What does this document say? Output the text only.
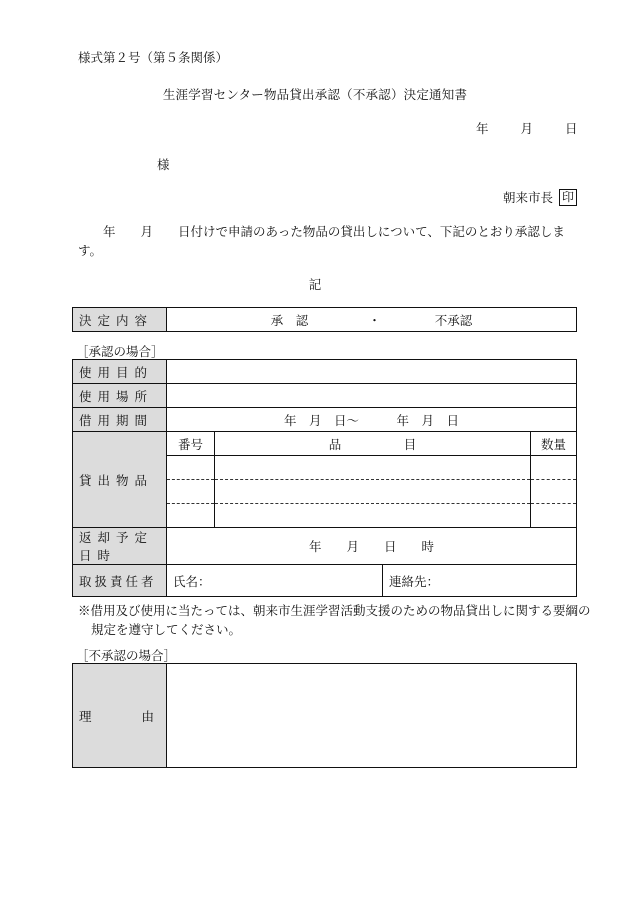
様式第２号（第５条関係）
生涯学習センター物品貸出承認（不承認）決定通知書
年	月	日
様
朝来市長 印
　　年　　月　　日付けで申請のあった物品の貸出しについて、下記のとおり承認します。
記
決定内容	承　認	・	不承認
［承認の場合］
使用目的			
使用場所			
借用期間	年　月　日～　　　年　月　日		
貸出物品	番号	品　　　　　目	数量

返却予定日時	年　　月　　日　　時		
取扱責任者	氏名： 連絡先：		
※借用及び使用に当たっては、朝来市生涯学習活動支援のための物品貸出しに関する要綱の規定を遵守してください。
［不承認の場合］
理　　　　由	
